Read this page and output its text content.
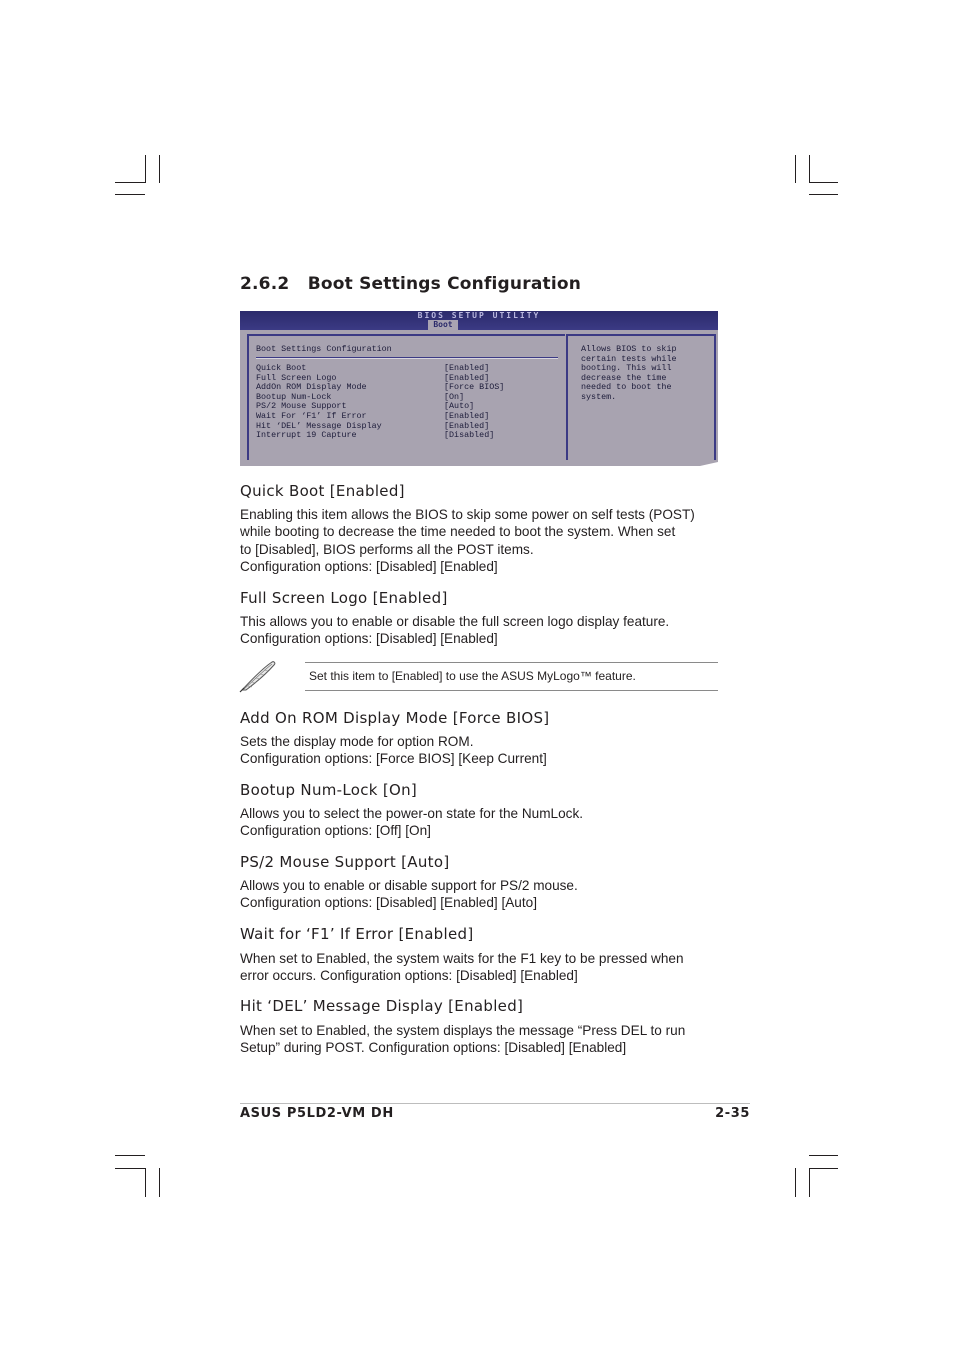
2.6.2   Boot Settings Configuration
BIOS SETUP UTILITY
Boot
Boot Settings Configuration
Quick Boot	[Enabled]
Full Screen Logo	[Enabled]
AddOn ROM Display Mode	[Force BIOS]
Bootup Num-Lock	[On]
PS/2 Mouse Support	[Auto]
Wait For ‘F1’ If Error	[Enabled]
Hit ‘DEL’ Message Display	[Enabled]
Interrupt 19 Capture	[Disabled]
Allows BIOS to skip
certain tests while
booting. This will
decrease the time
needed to boot the
system.
Quick Boot [Enabled]

Enabling this item allows the BIOS to skip some power on self tests (POST)
while booting to decrease the time needed to boot the system. When set
to [Disabled], BIOS performs all the POST items.
Configuration options: [Disabled] [Enabled]

Full Screen Logo [Enabled]

This allows you to enable or disable the full screen logo display feature.
Configuration options: [Disabled] [Enabled]

Set this item to [Enabled] to use the ASUS MyLogo™ feature.
Add On ROM Display Mode [Force BIOS]

Sets the display mode for option ROM.
Configuration options: [Force BIOS] [Keep Current]

Bootup Num-Lock [On]

Allows you to select the power-on state for the NumLock.
Configuration options: [Off] [On]

PS/2 Mouse Support [Auto]

Allows you to enable or disable support for PS/2 mouse.
Configuration options: [Disabled] [Enabled] [Auto]

Wait for ‘F1’ If Error [Enabled]

When set to Enabled, the system waits for the F1 key to be pressed when
error occurs. Configuration options: [Disabled] [Enabled]

Hit ‘DEL’ Message Display [Enabled]

When set to Enabled, the system displays the message “Press DEL to run
Setup” during POST. Configuration options: [Disabled] [Enabled]

ASUS P5LD2-VM DH	2-35
